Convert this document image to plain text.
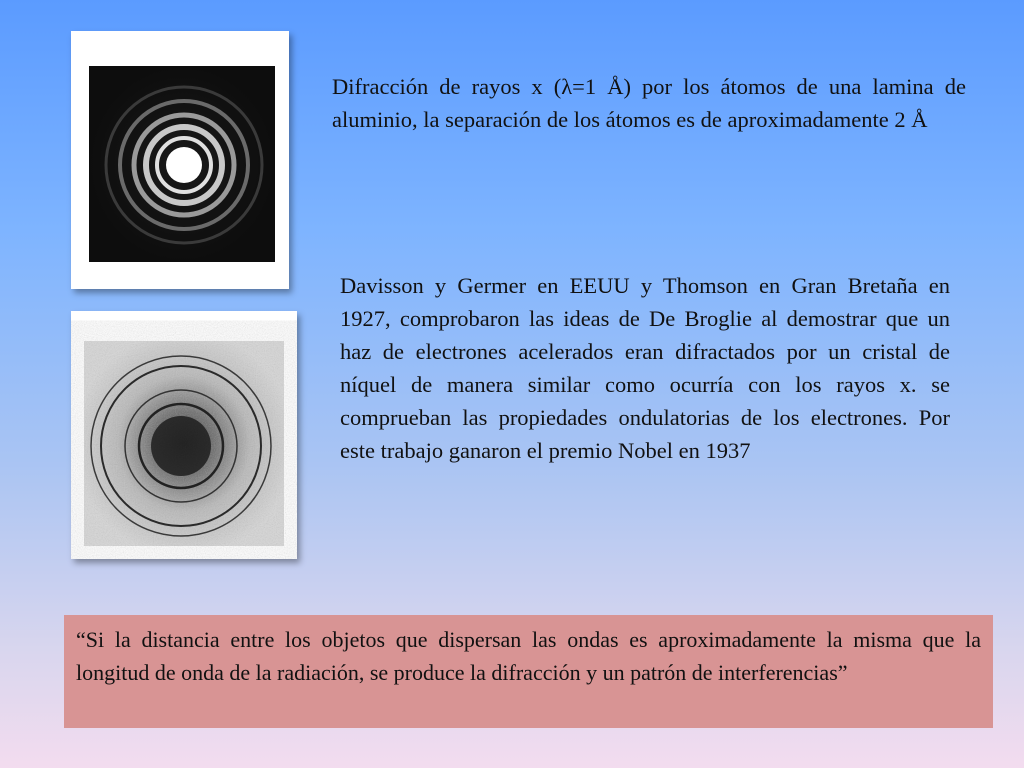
Difracción de rayos x (λ=1 Å) por los átomos de una lamina de aluminio, la separación de los átomos es de aproximadamente 2 Å

Davisson y Germer en EEUU y Thomson en Gran Bretaña en 1927, comprobaron las ideas de De Broglie al demostrar que un haz de electrones acelerados eran difractados por un cristal de níquel de manera similar como ocurría con los rayos x. se comprueban las propiedades ondulatorias de los electrones. Por este trabajo ganaron el premio Nobel en 1937

“Si la distancia entre los objetos que dispersan las ondas es aproximadamente la misma que la longitud de onda de la radiación, se produce la difracción y un patrón de interferencias”
